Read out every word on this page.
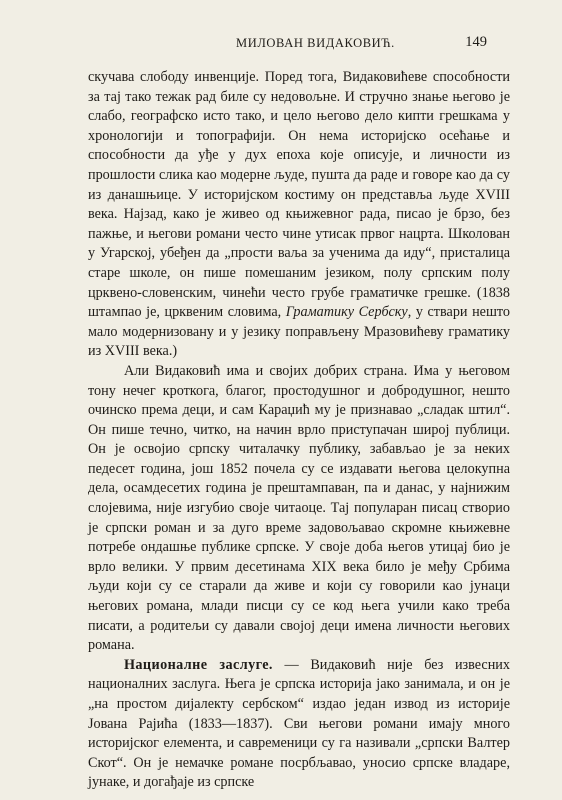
МИЛОВАН ВИДАКОВИЋ.	149

скучава слободу инвенције. Поред тога, Видаковићеве способности за тај тако тежак рад биле су недовољне. И стручно знање његово је слабо, географско исто тако, и цело његово дело кипти грешкама у хронологији и топографији. Он нема историјско осећање и способности да уђе у дух епоха које описује, и личности из прошлости слика као модерне људе, пушта да раде и говоре као да су из данашњице. У историјском костиму он представља људе XVIII века. Најзад, како је живео од књижевног рада, писао је брзо, без пажње, и његови романи често чине утисак првог нацрта. Школован у Угарској, убеђен да „прости ваља за ученима да иду“, присталица старе школе, он пише помешаним језиком, полу српским полу црквено-словенским, чинећи често грубе граматичке грешке. (1838 штампао је, црквеним словима, Граматику Сербску, у ствари нешто мало модернизовану и у језику поправљену Мразовићеву граматику из XVIII века.)

Али Видаковић има и својих добрих страна. Има у његовом тону нечег кроткога, благог, простодушног и добродушног, нешто очинско према деци, и сам Караџић му је признавао „сладак штил“. Он пише течно, читко, на начин врло приступачан широј публици. Он је освојио српску читалачку публику, забављао је за неких педесет година, још 1852 почела су се издавати његова целокупна дела, осамдесетих година је прештампаван, па и данас, у најнижим слојевима, није изгубио своје читаоце. Тај популаран писац створио је српски роман и за дуго време задовољавао скромне књижевне потребе ондашње публике српске. У своје доба његов утицај био је врло велики. У првим десетинама XIX века било је међу Србима људи који су се старали да живе и који су говорили као јунаци његових романа, млади писци су се код њега учили како треба писати, а родитељи су давали својој деци имена личности његових романа.

Националне заслуге. — Видаковић није без извесних националних заслуга. Њега је српска историја јако занимала, и он је „на простом дијалекту сербском“ издао један извод из историје Јована Рајића (1833—1837). Сви његови романи имају много историјског елемента, и савременици су га називали „српски Валтер Скот“. Он је немачке романе посрбљавао, уносио српске владаре, јунаке, и догађаје из српске
